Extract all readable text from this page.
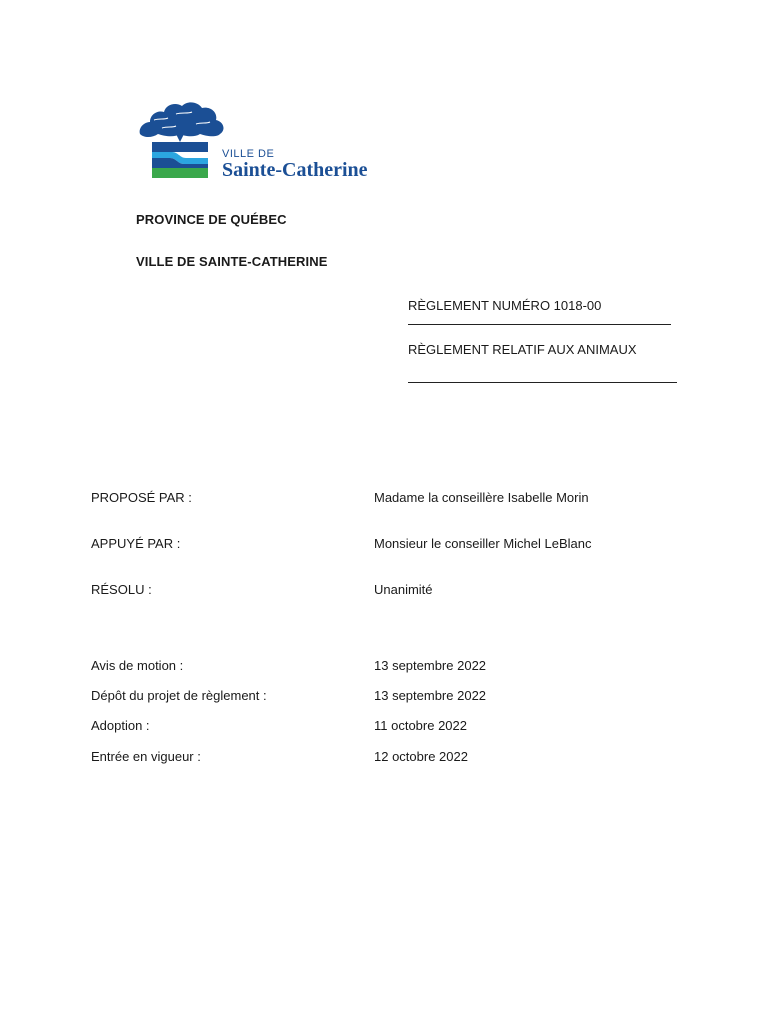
VILLE DE
Sainte-Catherine
PROVINCE DE QUÉBEC
VILLE DE SAINTE-CATHERINE
RÈGLEMENT NUMÉRO 1018-00
RÈGLEMENT RELATIF AUX ANIMAUX
PROPOSÉ PAR :	Madame la conseillère Isabelle Morin
APPUYÉ PAR :	Monsieur le conseiller Michel LeBlanc
RÉSOLU :	Unanimité
Avis de motion :	13 septembre 2022
Dépôt du projet de règlement :	13 septembre 2022
Adoption :	11 octobre 2022
Entrée en vigueur :	12 octobre 2022
